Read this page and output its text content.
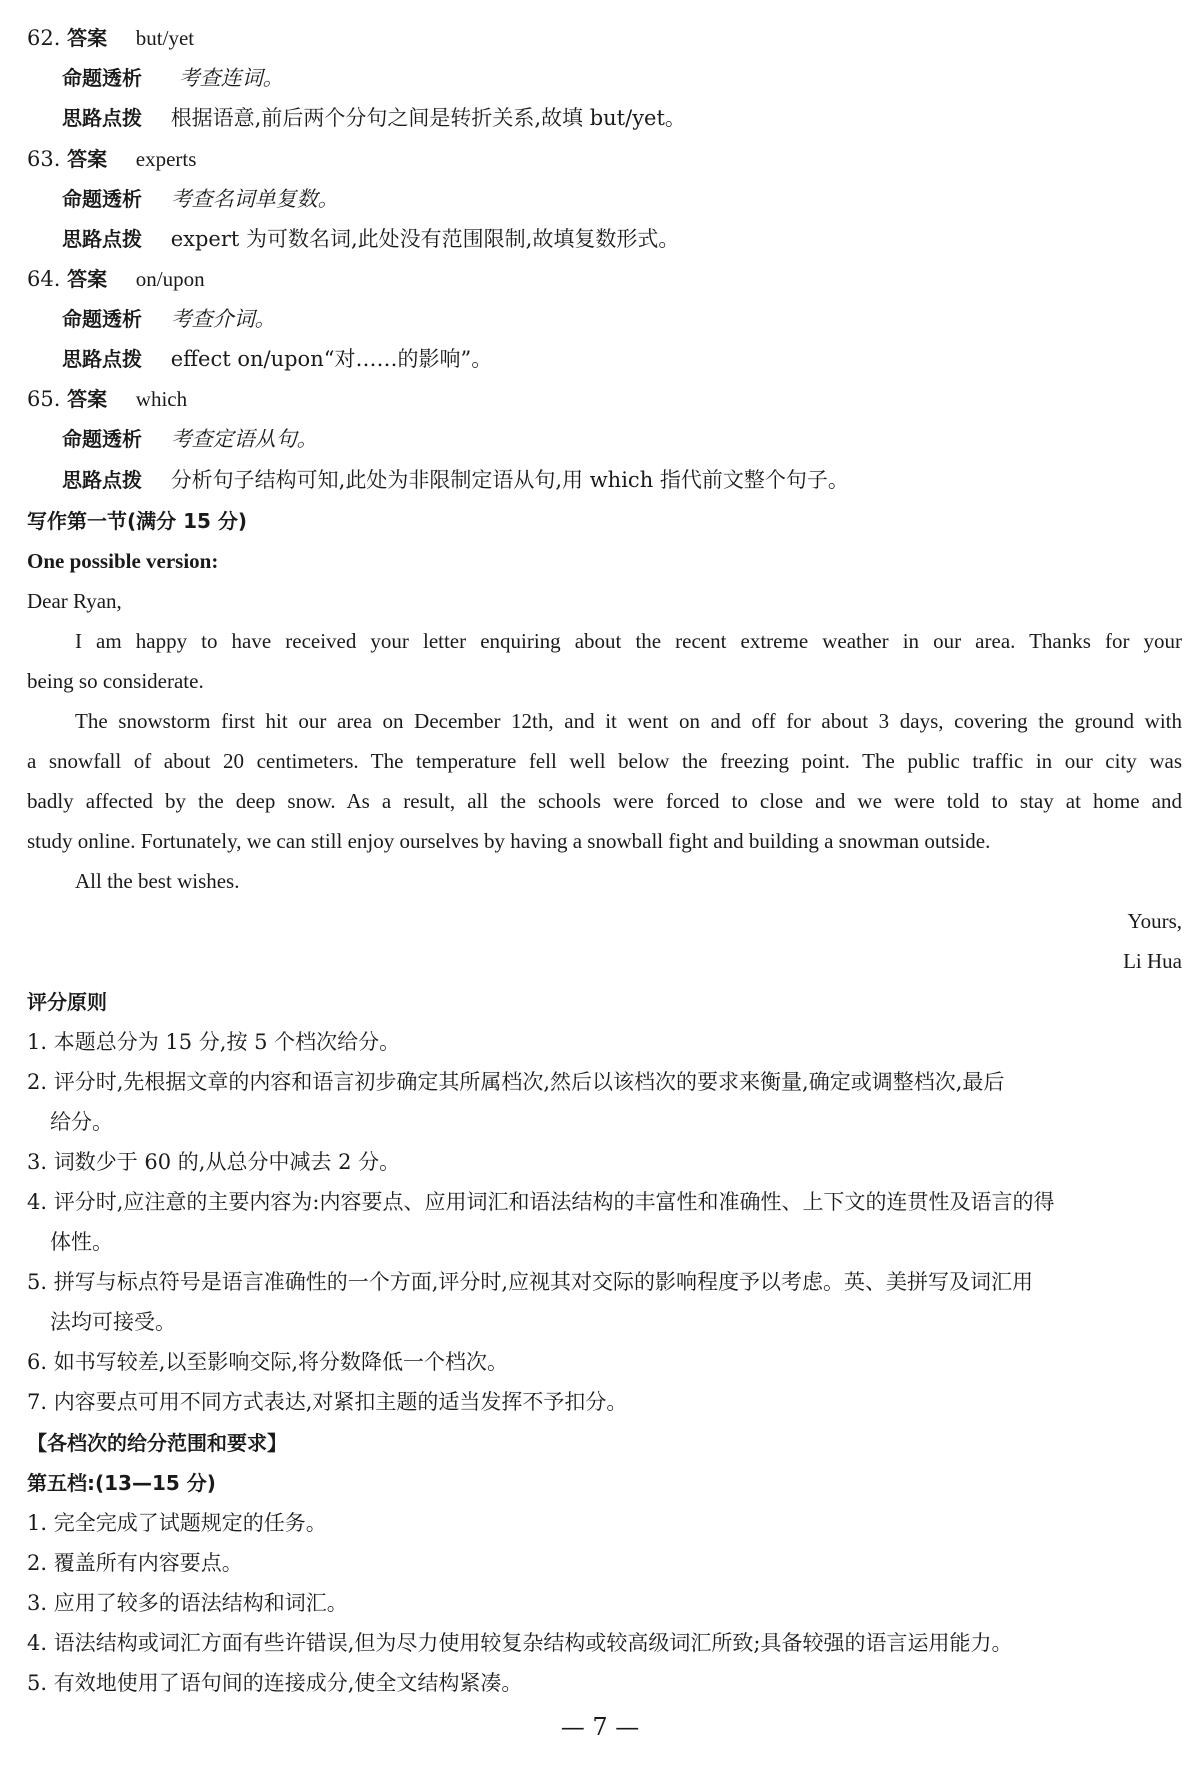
62. 答案 but/yet
命题透析 考查连词。
思路点拨 根据语意,前后两个分句之间是转折关系,故填 but/yet。
63. 答案 experts
命题透析 考查名词单复数。
思路点拨 expert 为可数名词,此处没有范围限制,故填复数形式。
64. 答案 on/upon
命题透析 考查介词。
思路点拨 effect on/upon“对……的影响”。
65. 答案 which
命题透析 考查定语从句。
思路点拨 分析句子结构可知,此处为非限制定语从句,用 which 指代前文整个句子。
写作第一节(满分 15 分)
One possible version:
Dear Ryan,
I am happy to have received your letter enquiring about the recent extreme weather in our area. Thanks for your
being so considerate.
The snowstorm first hit our area on December 12th, and it went on and off for about 3 days, covering the ground with
a snowfall of about 20 centimeters. The temperature fell well below the freezing point. The public traffic in our city was
badly affected by the deep snow. As a result, all the schools were forced to close and we were told to stay at home and
study online. Fortunately, we can still enjoy ourselves by having a snowball fight and building a snowman outside.
All the best wishes.
Yours,
Li Hua
评分原则
1. 本题总分为 15 分,按 5 个档次给分。
2. 评分时,先根据文章的内容和语言初步确定其所属档次,然后以该档次的要求来衡量,确定或调整档次,最后
给分。
3. 词数少于 60 的,从总分中减去 2 分。
4. 评分时,应注意的主要内容为:内容要点、应用词汇和语法结构的丰富性和准确性、上下文的连贯性及语言的得
体性。
5. 拼写与标点符号是语言准确性的一个方面,评分时,应视其对交际的影响程度予以考虑。英、美拼写及词汇用
法均可接受。
6. 如书写较差,以至影响交际,将分数降低一个档次。
7. 内容要点可用不同方式表达,对紧扣主题的适当发挥不予扣分。
【各档次的给分范围和要求】
第五档:(13—15 分)
1. 完全完成了试题规定的任务。
2. 覆盖所有内容要点。
3. 应用了较多的语法结构和词汇。
4. 语法结构或词汇方面有些许错误,但为尽力使用较复杂结构或较高级词汇所致;具备较强的语言运用能力。
5. 有效地使用了语句间的连接成分,使全文结构紧凑。
— 7 —
